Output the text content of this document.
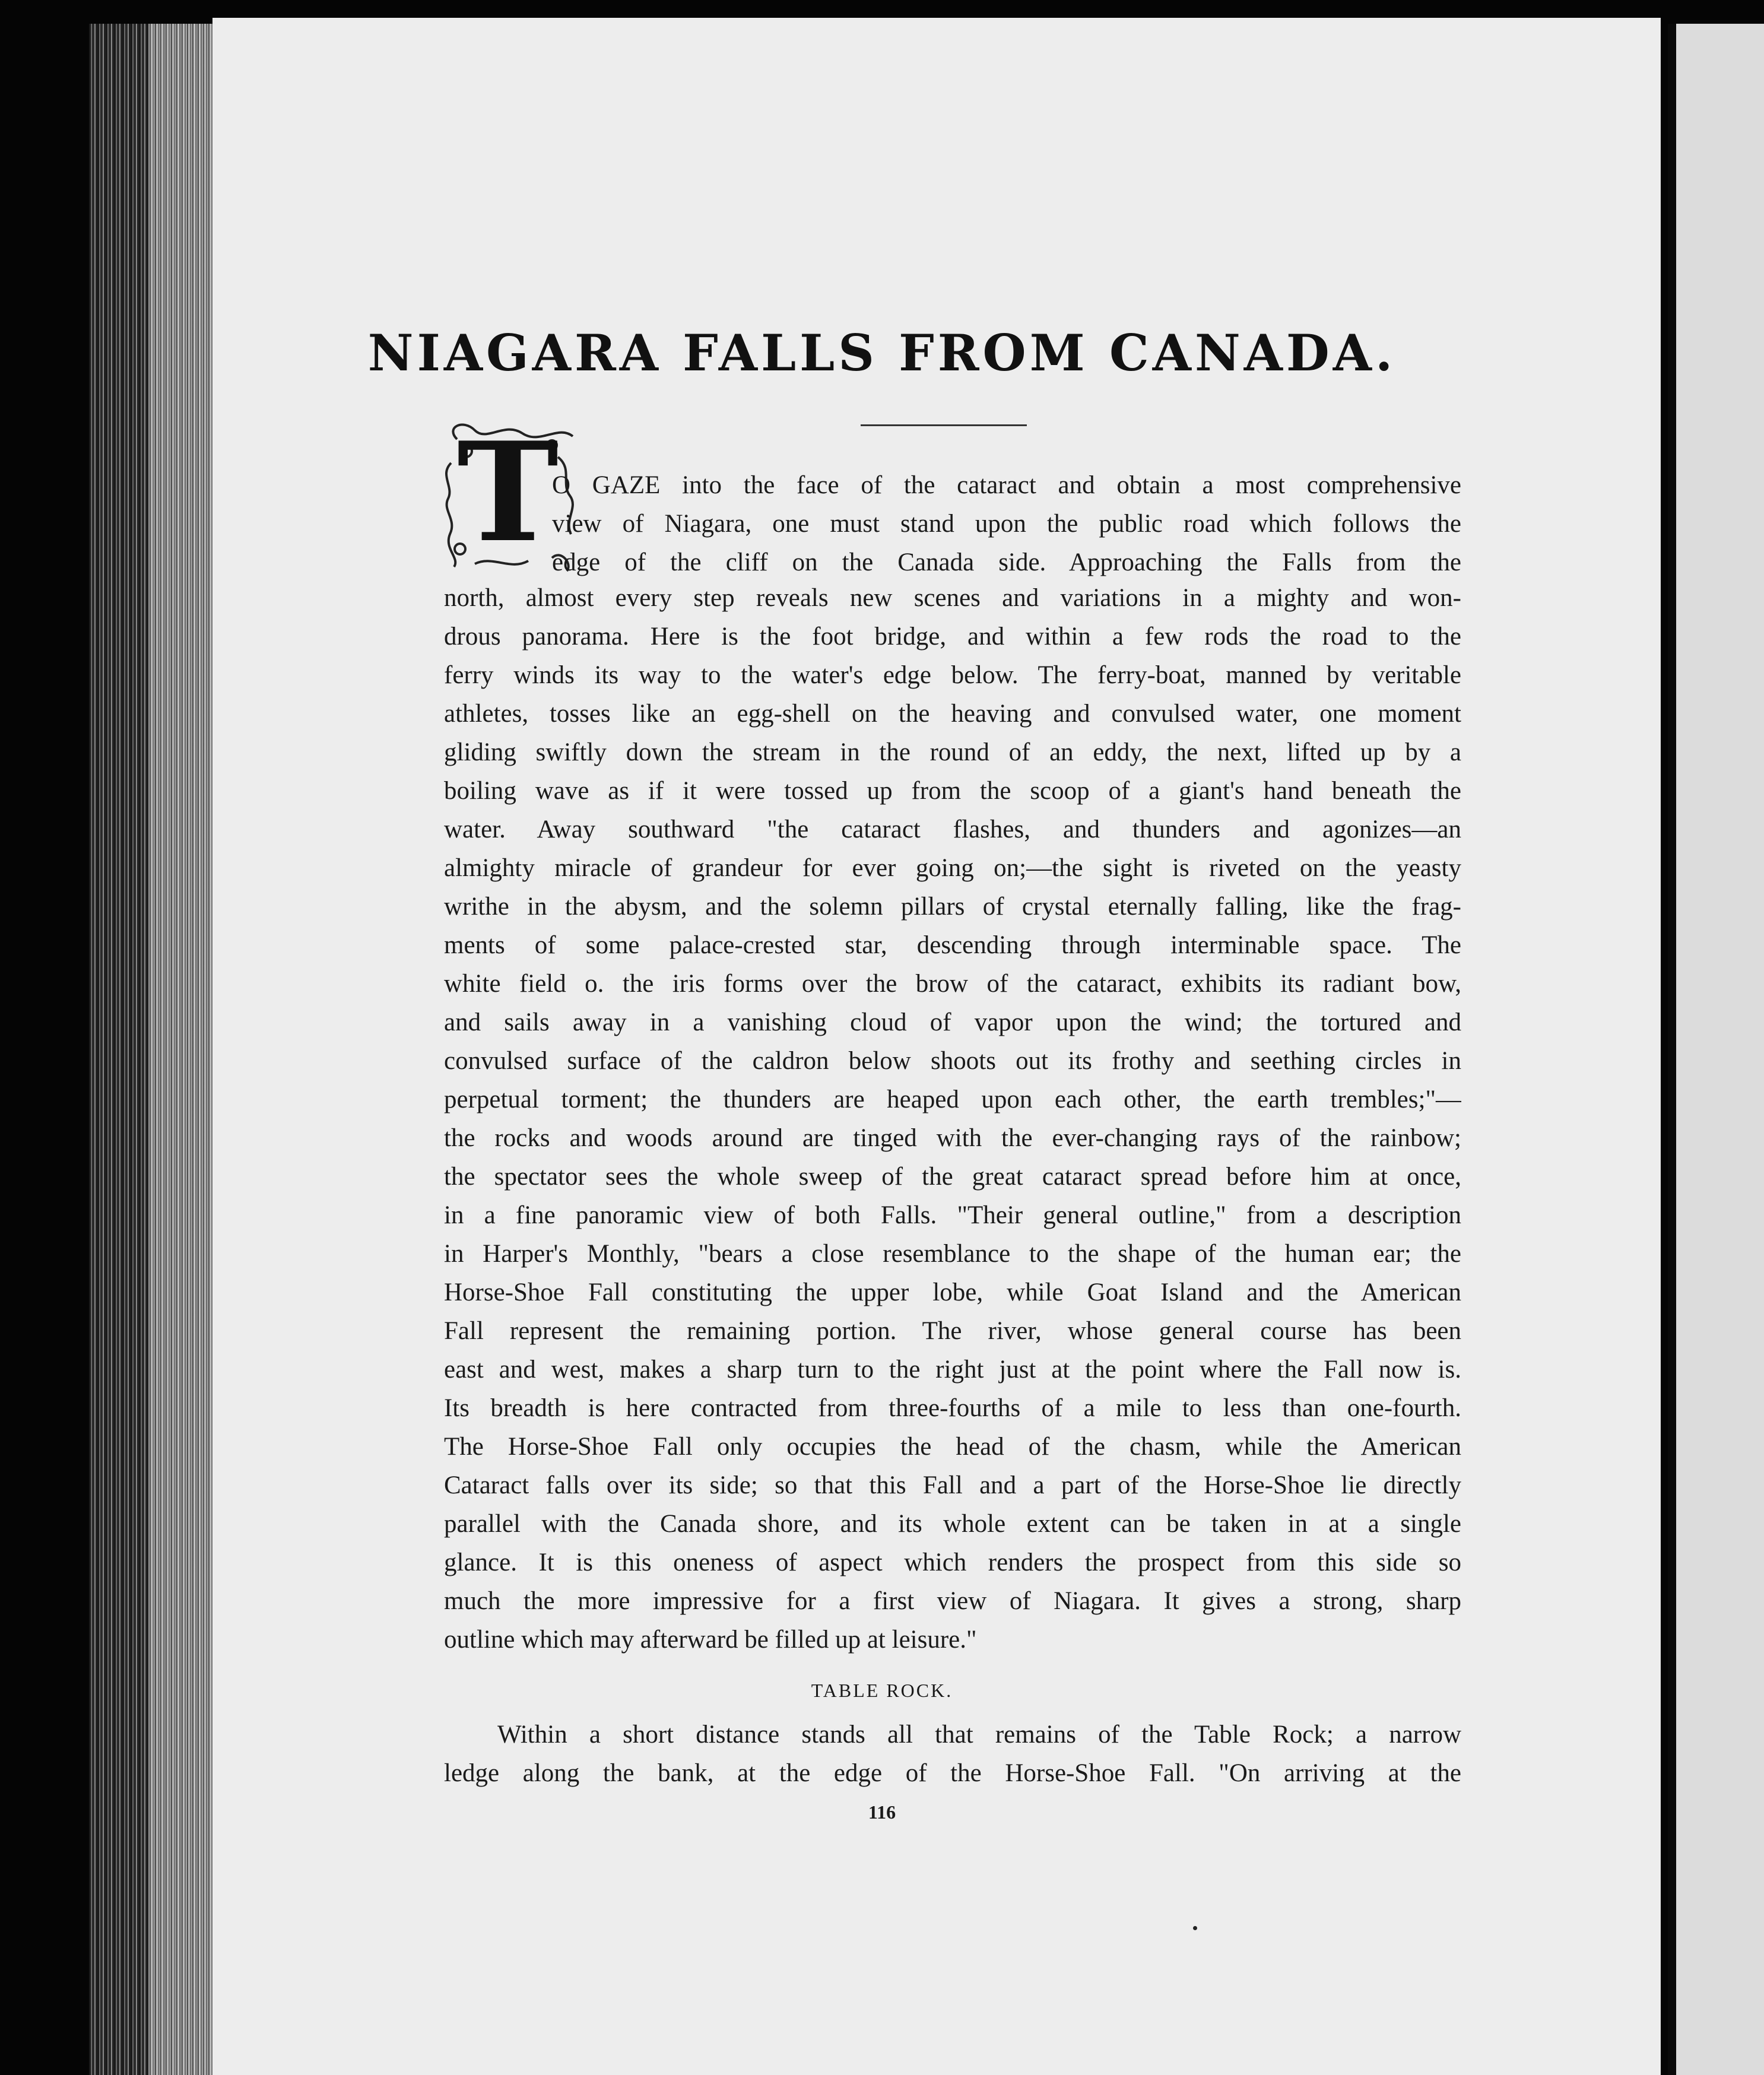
NIAGARA FALLS FROM CANADA.
T
O GAZE into the face of the cataract and obtain a most comprehensive
view of Niagara, one must stand upon the public road which follows the
edge of the cliff on the Canada side. Approaching the Falls from the
north, almost every step reveals new scenes and variations in a mighty and won-
drous panorama. Here is the foot bridge, and within a few rods the road to the
ferry winds its way to the water's edge below. The ferry-boat, manned by veritable
athletes, tosses like an egg-shell on the heaving and convulsed water, one moment
gliding swiftly down the stream in the round of an eddy, the next, lifted up by a
boiling wave as if it were tossed up from the scoop of a giant's hand beneath the
water. Away southward "the cataract flashes, and thunders and agonizes—an
almighty miracle of grandeur for ever going on;—the sight is riveted on the yeasty
writhe in the abysm, and the solemn pillars of crystal eternally falling, like the frag-
ments of some palace-crested star, descending through interminable space. The
white field o. the iris forms over the brow of the cataract, exhibits its radiant bow,
and sails away in a vanishing cloud of vapor upon the wind; the tortured and
convulsed surface of the caldron below shoots out its frothy and seething circles in
perpetual torment; the thunders are heaped upon each other, the earth trembles;"—
the rocks and woods around are tinged with the ever-changing rays of the rainbow;
the spectator sees the whole sweep of the great cataract spread before him at once,
in a fine panoramic view of both Falls. "Their general outline," from a description
in Harper's Monthly, "bears a close resemblance to the shape of the human ear; the
Horse-Shoe Fall constituting the upper lobe, while Goat Island and the American
Fall represent the remaining portion. The river, whose general course has been
east and west, makes a sharp turn to the right just at the point where the Fall now is.
Its breadth is here contracted from three-fourths of a mile to less than one-fourth.
The Horse-Shoe Fall only occupies the head of the chasm, while the American
Cataract falls over its side; so that this Fall and a part of the Horse-Shoe lie directly
parallel with the Canada shore, and its whole extent can be taken in at a single
glance. It is this oneness of aspect which renders the prospect from this side so
much the more impressive for a first view of Niagara. It gives a strong, sharp
outline which may afterward be filled up at leisure."
TABLE ROCK.
Within a short distance stands all that remains of the Table Rock; a narrow
ledge along the bank, at the edge of the Horse-Shoe Fall. "On arriving at the
116
